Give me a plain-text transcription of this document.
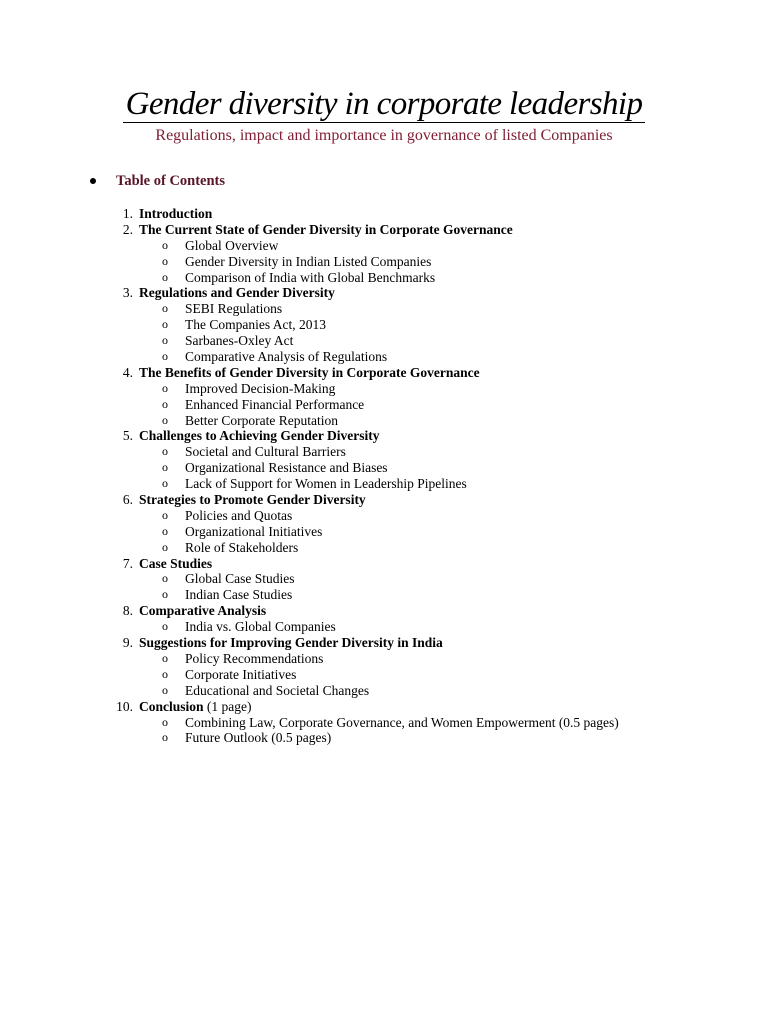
Gender diversity in corporate leadership
Regulations, impact and importance in governance of listed Companies
Table of Contents
1. Introduction
2. The Current State of Gender Diversity in Corporate Governance
o Global Overview
o Gender Diversity in Indian Listed Companies
o Comparison of India with Global Benchmarks
3. Regulations and Gender Diversity
o SEBI Regulations
o The Companies Act, 2013
o Sarbanes-Oxley Act
o Comparative Analysis of Regulations
4. The Benefits of Gender Diversity in Corporate Governance
o Improved Decision-Making
o Enhanced Financial Performance
o Better Corporate Reputation
5. Challenges to Achieving Gender Diversity
o Societal and Cultural Barriers
o Organizational Resistance and Biases
o Lack of Support for Women in Leadership Pipelines
6. Strategies to Promote Gender Diversity
o Policies and Quotas
o Organizational Initiatives
o Role of Stakeholders
7. Case Studies
o Global Case Studies
o Indian Case Studies
8. Comparative Analysis
o India vs. Global Companies
9. Suggestions for Improving Gender Diversity in India
o Policy Recommendations
o Corporate Initiatives
o Educational and Societal Changes
10. Conclusion (1 page)
o Combining Law, Corporate Governance, and Women Empowerment (0.5 pages)
o Future Outlook (0.5 pages)
